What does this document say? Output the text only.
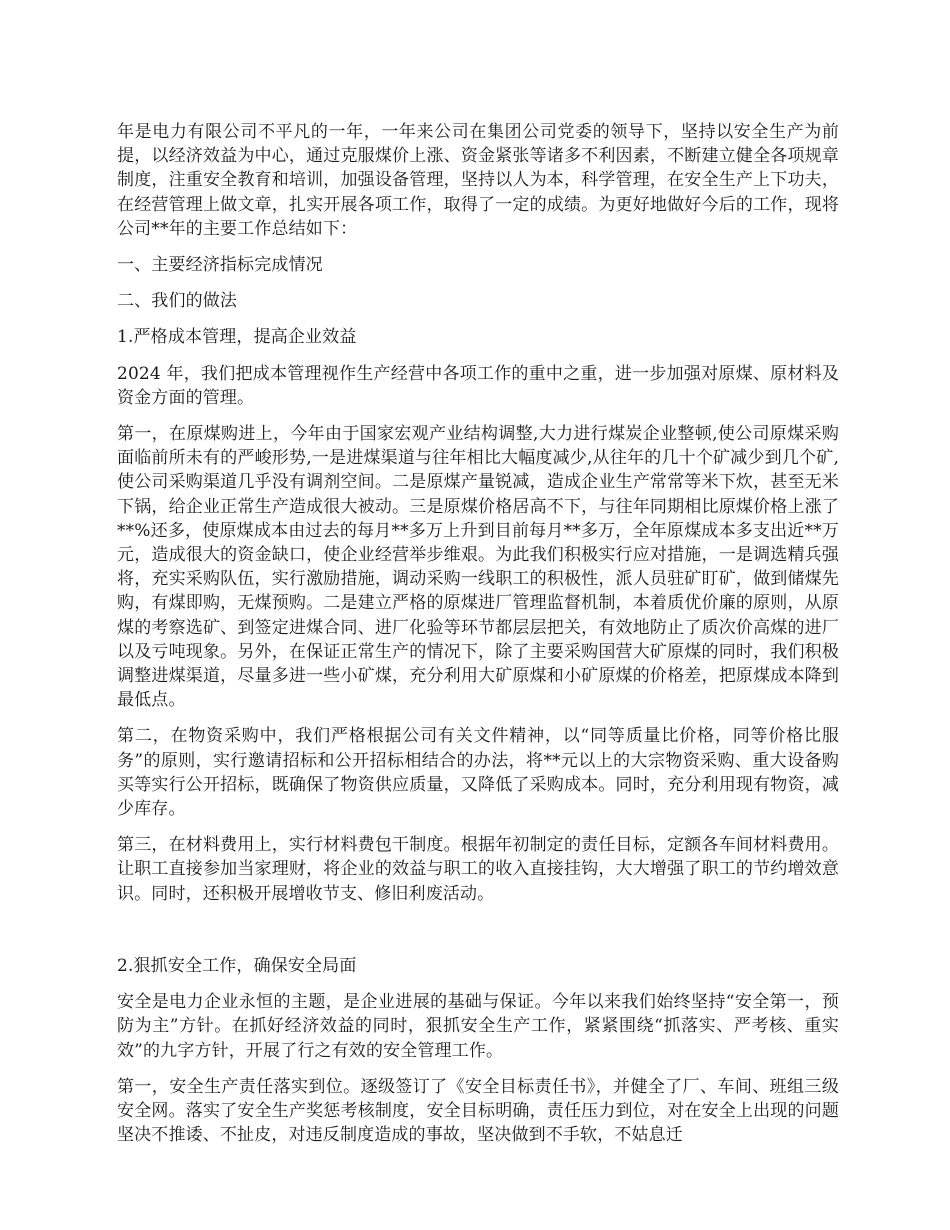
年是电力有限公司不平凡的一年，一年来公司在集团公司党委的领导下，坚持以安全生产为前提，以经济效益为中心，通过克服煤价上涨、资金紧张等诸多不利因素，不断建立健全各项规章制度，注重安全教育和培训，加强设备管理，坚持以人为本，科学管理，在安全生产上下功夫，在经营管理上做文章，扎实开展各项工作，取得了一定的成绩。为更好地做好今后的工作，现将公司**年的主要工作总结如下：

一、主要经济指标完成情况

二、我们的做法

1.严格成本管理，提高企业效益

2024 年，我们把成本管理视作生产经营中各项工作的重中之重，进一步加强对原煤、原材料及资金方面的管理。

第一，在原煤购进上，今年由于国家宏观产业结构调整,大力进行煤炭企业整顿,使公司原煤采购面临前所未有的严峻形势,一是进煤渠道与往年相比大幅度减少,从往年的几十个矿减少到几个矿,使公司采购渠道几乎没有调剂空间。二是原煤产量锐减，造成企业生产常常等米下炊，甚至无米下锅，给企业正常生产造成很大被动。三是原煤价格居高不下，与往年同期相比原煤价格上涨了**%还多，使原煤成本由过去的每月**多万上升到目前每月**多万，全年原煤成本多支出近**万元，造成很大的资金缺口，使企业经营举步维艰。为此我们积极实行应对措施，一是调选精兵强将，充实采购队伍，实行激励措施，调动采购一线职工的积极性，派人员驻矿盯矿，做到储煤先购，有煤即购，无煤预购。二是建立严格的原煤进厂管理监督机制，本着质优价廉的原则，从原煤的考察选矿、到签定进煤合同、进厂化验等环节都层层把关，有效地防止了质次价高煤的进厂以及亏吨现象。另外，在保证正常生产的情况下，除了主要采购国营大矿原煤的同时，我们积极调整进煤渠道，尽量多进一些小矿煤，充分利用大矿原煤和小矿原煤的价格差，把原煤成本降到最低点。

第二，在物资采购中，我们严格根据公司有关文件精神，以“同等质量比价格，同等价格比服务”的原则，实行邀请招标和公开招标相结合的办法，将**元以上的大宗物资采购、重大设备购买等实行公开招标，既确保了物资供应质量，又降低了采购成本。同时，充分利用现有物资，减少库存。

第三，在材料费用上，实行材料费包干制度。根据年初制定的责任目标，定额各车间材料费用。让职工直接参加当家理财，将企业的效益与职工的收入直接挂钩，大大增强了职工的节约增效意识。同时，还积极开展增收节支、修旧利废活动。

2.狠抓安全工作，确保安全局面

安全是电力企业永恒的主题，是企业进展的基础与保证。今年以来我们始终坚持“安全第一，预防为主”方针。在抓好经济效益的同时，狠抓安全生产工作，紧紧围绕“抓落实、严考核、重实效”的九字方针，开展了行之有效的安全管理工作。

第一，安全生产责任落实到位。逐级签订了《安全目标责任书》，并健全了厂、车间、班组三级安全网。落实了安全生产奖惩考核制度，安全目标明确，责任压力到位，对在安全上出现的问题坚决不推诿、不扯皮，对违反制度造成的事故，坚决做到不手软，不姑息迁
